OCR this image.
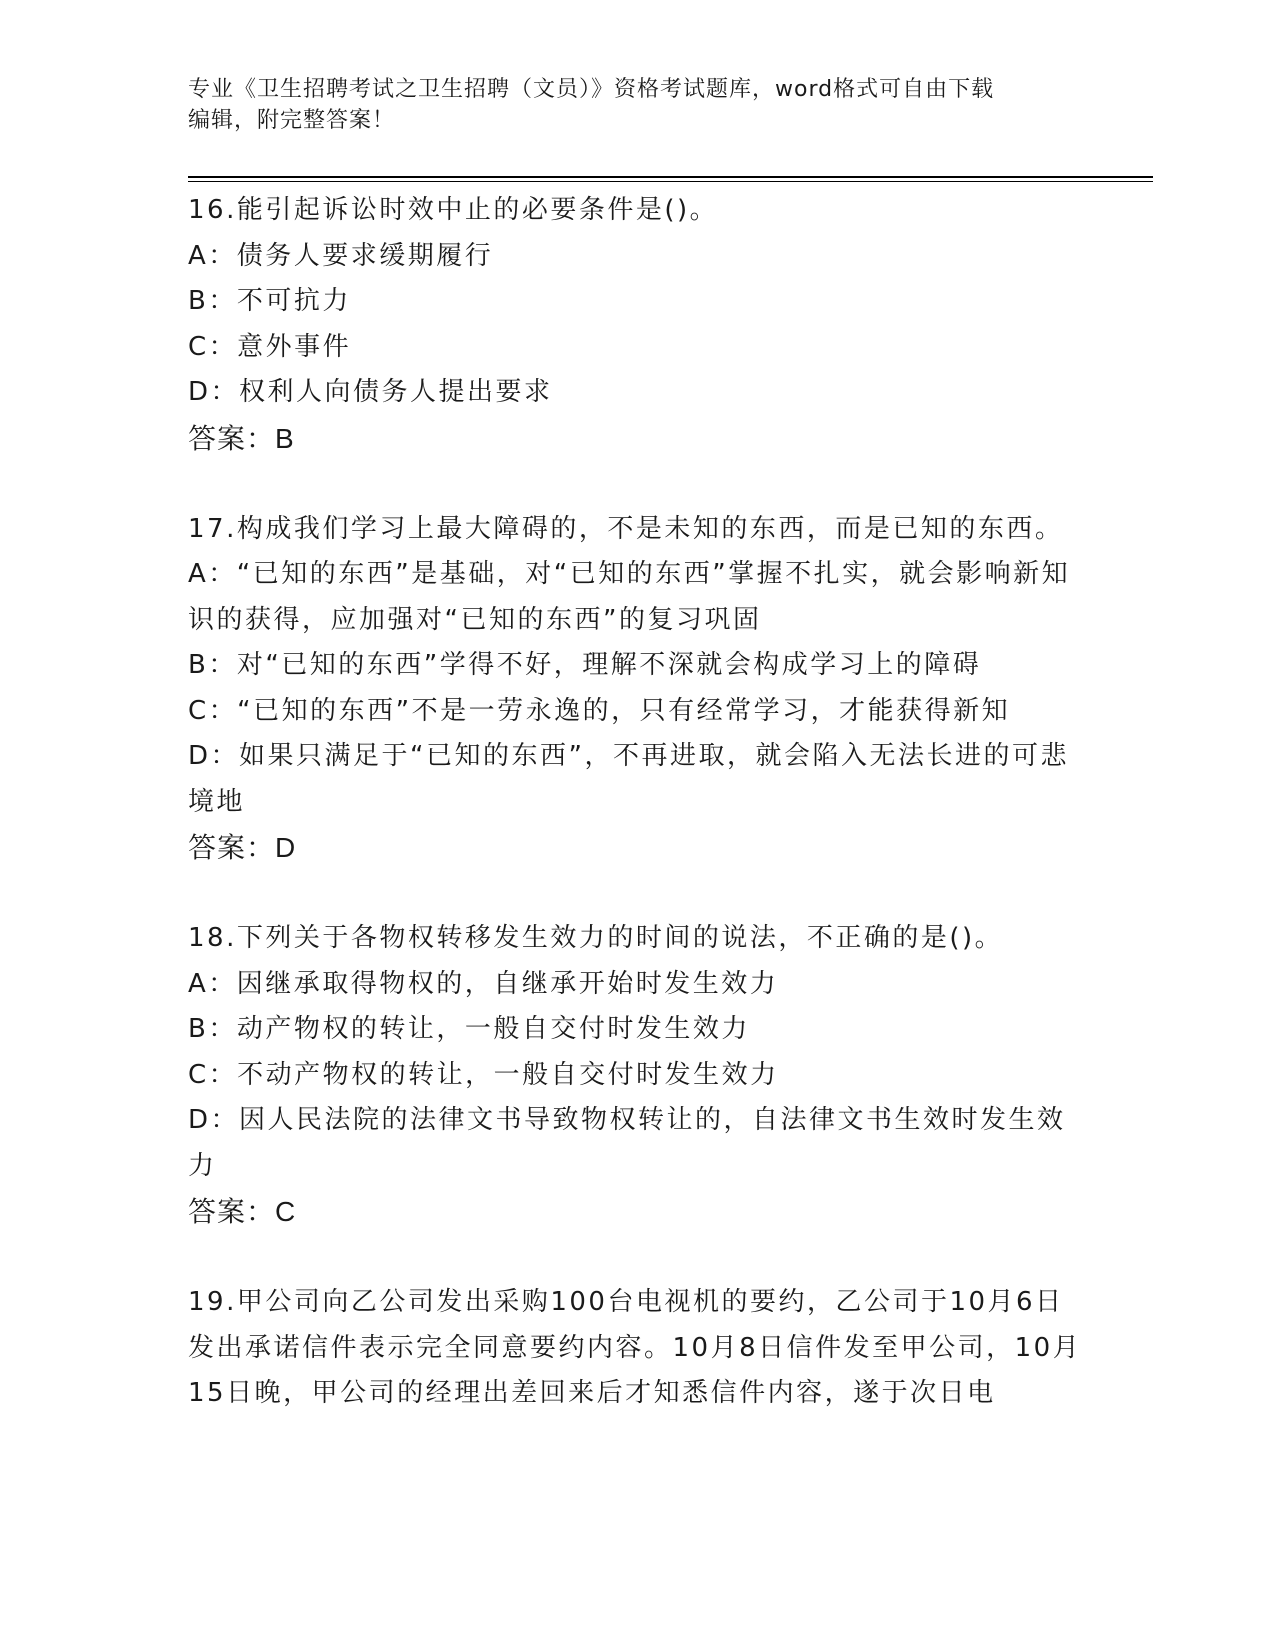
专业《卫生招聘考试之卫生招聘（文员）》资格考试题库，word格式可自由下载
编辑，附完整答案！
16.能引起诉讼时效中止的必要条件是()。
A：债务人要求缓期履行
B：不可抗力
C：意外事件
D：权利人向债务人提出要求
答案：B
17.构成我们学习上最大障碍的，不是未知的东西，而是已知的东西。
A：“已知的东西”是基础，对“已知的东西”掌握不扎实，就会影响新知识的获得，应加强对“已知的东西”的复习巩固
B：对“已知的东西”学得不好，理解不深就会构成学习上的障碍
C：“已知的东西”不是一劳永逸的，只有经常学习，才能获得新知
D：如果只满足于“已知的东西”，不再进取，就会陷入无法长进的可悲境地
答案：D
18.下列关于各物权转移发生效力的时间的说法，不正确的是()。
A：因继承取得物权的，自继承开始时发生效力
B：动产物权的转让，一般自交付时发生效力
C：不动产物权的转让，一般自交付时发生效力
D：因人民法院的法律文书导致物权转让的，自法律文书生效时发生效力
答案：C
19.甲公司向乙公司发出采购100台电视机的要约，乙公司于10月6日发出承诺信件表示完全同意要约内容。10月8日信件发至甲公司，10月15日晚，甲公司的经理出差回来后才知悉信件内容，遂于次日电
